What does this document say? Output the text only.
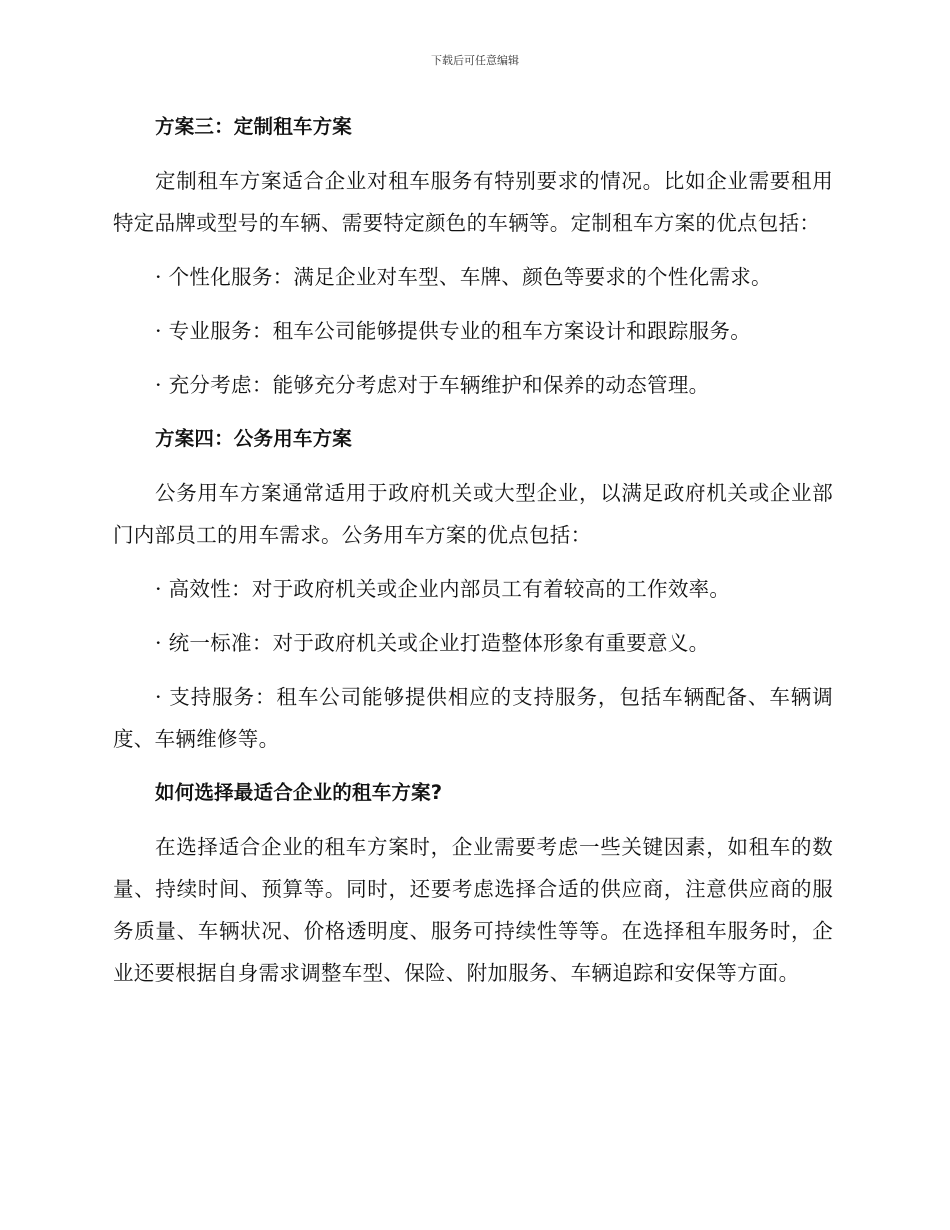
下载后可任意编辑
方案三：定制租车方案
定制租车方案适合企业对租车服务有特别要求的情况。比如企业需要租用特定品牌或型号的车辆、需要特定颜色的车辆等。定制租车方案的优点包括：
· 个性化服务：满足企业对车型、车牌、颜色等要求的个性化需求。
· 专业服务：租车公司能够提供专业的租车方案设计和跟踪服务。
· 充分考虑：能够充分考虑对于车辆维护和保养的动态管理。
方案四：公务用车方案
公务用车方案通常适用于政府机关或大型企业，以满足政府机关或企业部门内部员工的用车需求。公务用车方案的优点包括：
· 高效性：对于政府机关或企业内部员工有着较高的工作效率。
· 统一标准：对于政府机关或企业打造整体形象有重要意义。
· 支持服务：租车公司能够提供相应的支持服务，包括车辆配备、车辆调度、车辆维修等。
如何选择最适合企业的租车方案?
在选择适合企业的租车方案时，企业需要考虑一些关键因素，如租车的数量、持续时间、预算等。同时，还要考虑选择合适的供应商，注意供应商的服务质量、车辆状况、价格透明度、服务可持续性等等。在选择租车服务时，企业还要根据自身需求调整车型、保险、附加服务、车辆追踪和安保等方面。
